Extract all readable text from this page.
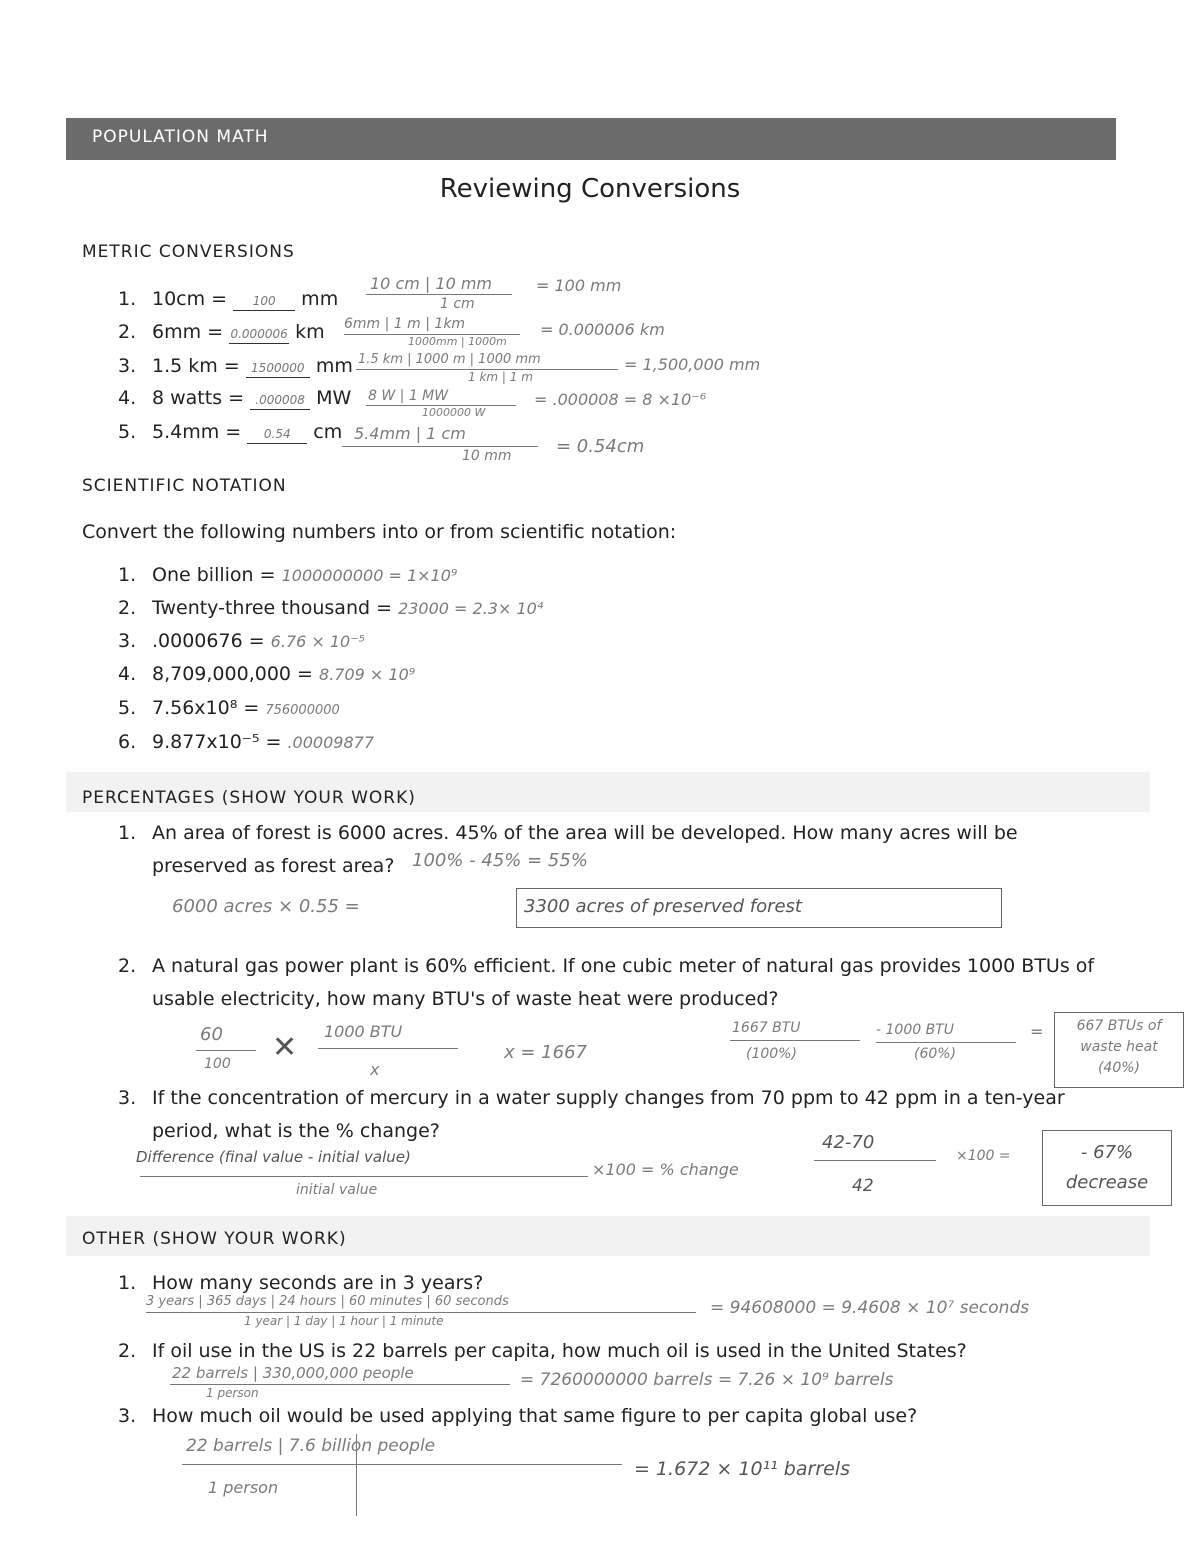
POPULATION MATH
Reviewing Conversions
METRIC CONVERSIONS
1. 10cm = 100 mm
2. 6mm = 0.000006 km
3. 1.5 km = 1500000 mm
4. 8 watts = .000008 MW
5. 5.4mm = 0.54 cm
10 cm | 10 mm
1 cm
= 100 mm
6mm | 1 m | 1km
1000mm | 1000m
= 0.000006 km
1.5 km | 1000 m | 1000 mm
1 km | 1 m
= 1,500,000 mm
8 W | 1 MW
1000000 W
= .000008 = 8 ×10⁻⁶
5.4mm | 1 cm
10 mm = 0.54cm
SCIENTIFIC NOTATION
Convert the following numbers into or from scientific notation:
1. One billion = 1000000000 = 1×10⁹
2. Twenty-three thousand = 23000 = 2.3× 10⁴
3. .0000676 = 6.76 × 10⁻⁵
4. 8,709,000,000 = 8.709 × 10⁹
5. 7.56x10⁸ = 756000000
6. 9.877x10⁻⁵ = .00009877
PERCENTAGES (SHOW YOUR WORK)
1. An area of forest is 6000 acres. 45% of the area will be developed. How many acres will be
preserved as forest area? 100% - 45% = 55%
6000 acres × 0.55 =	3300 acres of preserved forest
2. A natural gas power plant is 60% efficient. If one cubic meter of natural gas provides 1000 BTUs of
usable electricity, how many BTU's of waste heat were produced?
60
100 ✕ 1000 BTU
x
x = 1667
1667 BTU
(100%)
- 1000 BTU
(60%)
=	667 BTUs of waste heat (40%)
3. If the concentration of mercury in a water supply changes from 70 ppm to 42 ppm in a ten-year
period, what is the % change?
Difference (final value - initial value)
initial value
×100 = % change
42-70
42
×100 =	- 67% decrease
OTHER (SHOW YOUR WORK)
1. How many seconds are in 3 years?
3 years | 365 days | 24 hours | 60 minutes | 60 seconds
1 year | 1 day | 1 hour | 1 minute
= 94608000 = 9.4608 × 10⁷ seconds
2. If oil use in the US is 22 barrels per capita, how much oil is used in the United States?
22 barrels | 330,000,000 people
1 person
= 7260000000 barrels = 7.26 × 10⁹ barrels
3. How much oil would be used applying that same figure to per capita global use?
22 barrels | 7.6 billion people
1 person
= 1.672 × 10¹¹ barrels
